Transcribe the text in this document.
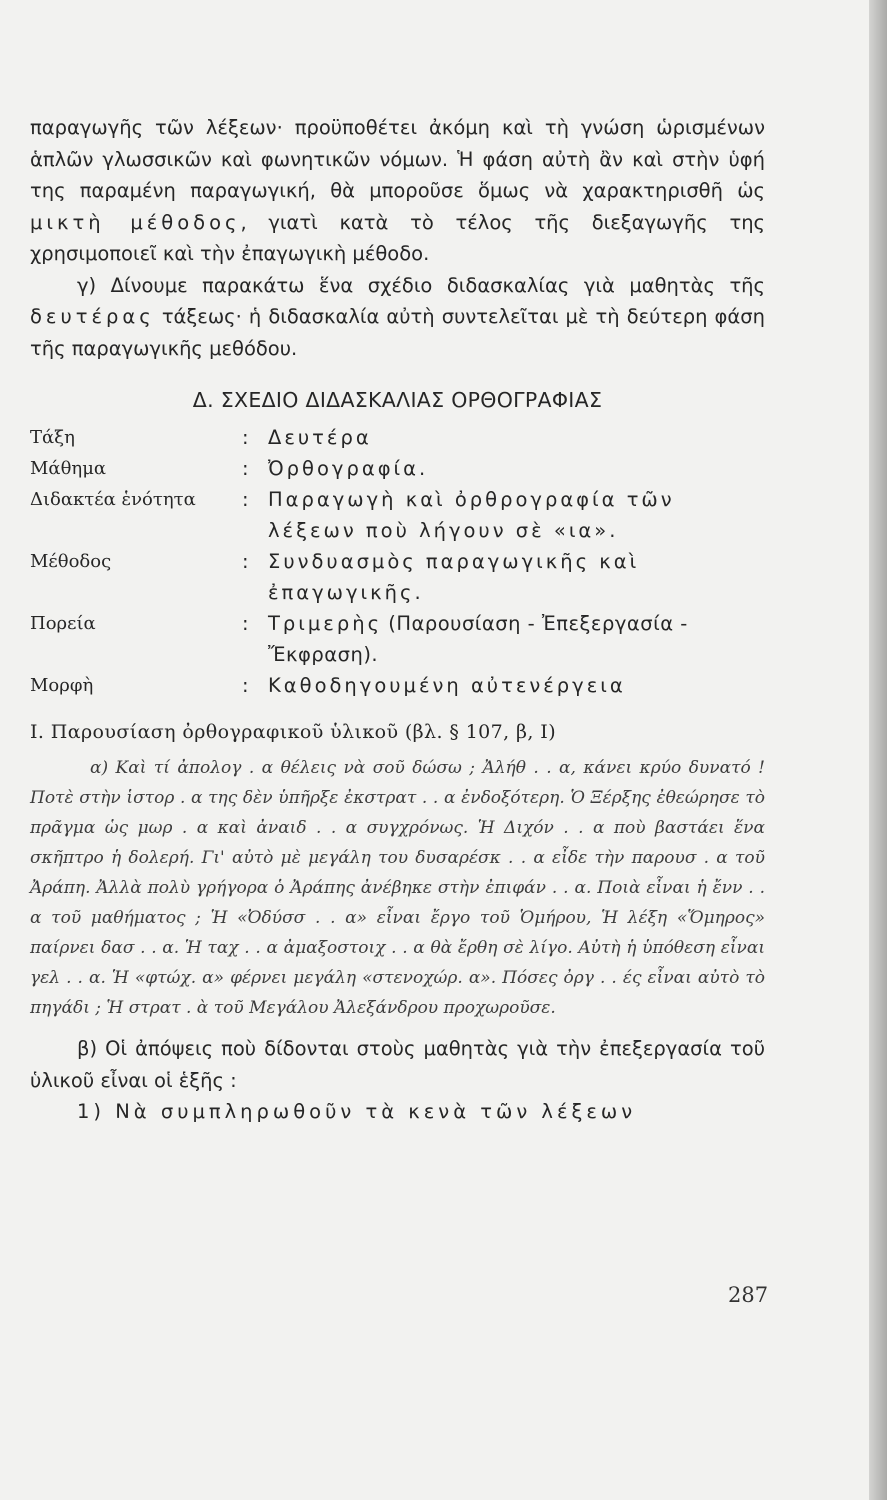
παραγωγῆς τῶν λέξεων· προϋποθέτει ἀκόμη καὶ τὴ γνώση ὡρισμένων ἁπλῶν γλωσσικῶν καὶ φωνητικῶν νόμων. Ἡ φάση αὐτὴ ἂν καὶ στὴν ὑφή της παραμένη παραγωγική, θὰ μποροῦσε ὅμως νὰ χαρακτηρισθῆ ὡς μικτὴ μέθοδος, γιατὶ κατὰ τὸ τέλος τῆς διεξαγωγῆς της χρησιμοποιεῖ καὶ τὴν ἐπαγωγικὴ μέθοδο.

γ) Δίνουμε παρακάτω ἕνα σχέδιο διδασκαλίας γιὰ μαθητὰς τῆς δευτέρας τάξεως· ἡ διδασκαλία αὐτὴ συντελεῖται μὲ τὴ δεύτερη φάση τῆς παραγωγικῆς μεθόδου.

Δ. ΣΧΕΔΙΟ ΔΙΔΑΣΚΑΛΙΑΣ ΟΡΘΟΓΡΑΦΙΑΣ
Τάξη	: Δευτέρα
Μάθημα	: Ὀρθογραφία.
Διδακτέα ἑνότητα	: Παραγωγὴ καὶ ὀρθρογραφία τῶν λέξεων ποὺ λήγουν σὲ «ια».
Μέθοδος	: Συνδυασμὸς παραγωγικῆς καὶ ἐπαγωγικῆς.
Πορεία	: Τριμερὴς (Παρουσίαση - Ἐπεξεργασία - Ἔκφραση).
Μορφὴ	: Καθοδηγουμένη αὐτενέργεια
I. Παρουσίαση ὀρθογραφικοῦ ὑλικοῦ (βλ. § 107, β, I)

α) Καὶ τί ἀπολογ . α θέλεις νὰ σοῦ δώσω ; Ἀλήθ . . α, κάνει κρύο δυνατό ! Ποτὲ στὴν ἱστορ . α της δὲν ὑπῆρξε ἐκστρατ . . α ἐνδοξότερη. Ὁ Ξέρξης ἐθεώρησε τὸ πρᾶγμα ὡς μωρ . α καὶ ἀναιδ . . α συγχρόνως. Ἡ Διχόν . . α ποὺ βαστάει ἕνα σκῆπτρο ἡ δολερή. Γι' αὐτὸ μὲ μεγάλη του δυσαρέσκ . . α εἶδε τὴν παρουσ . α τοῦ Ἀράπη. Ἀλλὰ πολὺ γρήγορα ὁ Ἀράπης ἀνέβηκε στὴν ἐπιφάν . . α. Ποιὰ εἶναι ἡ ἔνν . . α τοῦ μαθήματος ; Ἡ «Ὀδύσσ . . α» εἶναι ἔργο τοῦ Ὁμήρου, Ἡ λέξη «Ὅμηρος» παίρνει δασ . . α. Ἡ ταχ . . α ἀμαξοστοιχ . . α θὰ ἔρθη σὲ λίγο. Αὐτὴ ἡ ὑπόθεση εἶναι γελ . . α. Ἡ «φτώχ. α» φέρνει μεγάλη «στενοχώρ. α». Πόσες ὀργ . . ές εἶναι αὐτὸ τὸ πηγάδι ; Ἡ στρατ . ὰ τοῦ Μεγάλου Ἀλεξάνδρου προχωροῦσε.

β) Οἱ ἀπόψεις ποὺ δίδονται στοὺς μαθητὰς γιὰ τὴν ἐπεξεργασία τοῦ ὑλικοῦ εἶναι οἱ ἑξῆς :

1) Νὰ συμπληρωθοῦν τὰ κενὰ τῶν λέξεων

287
